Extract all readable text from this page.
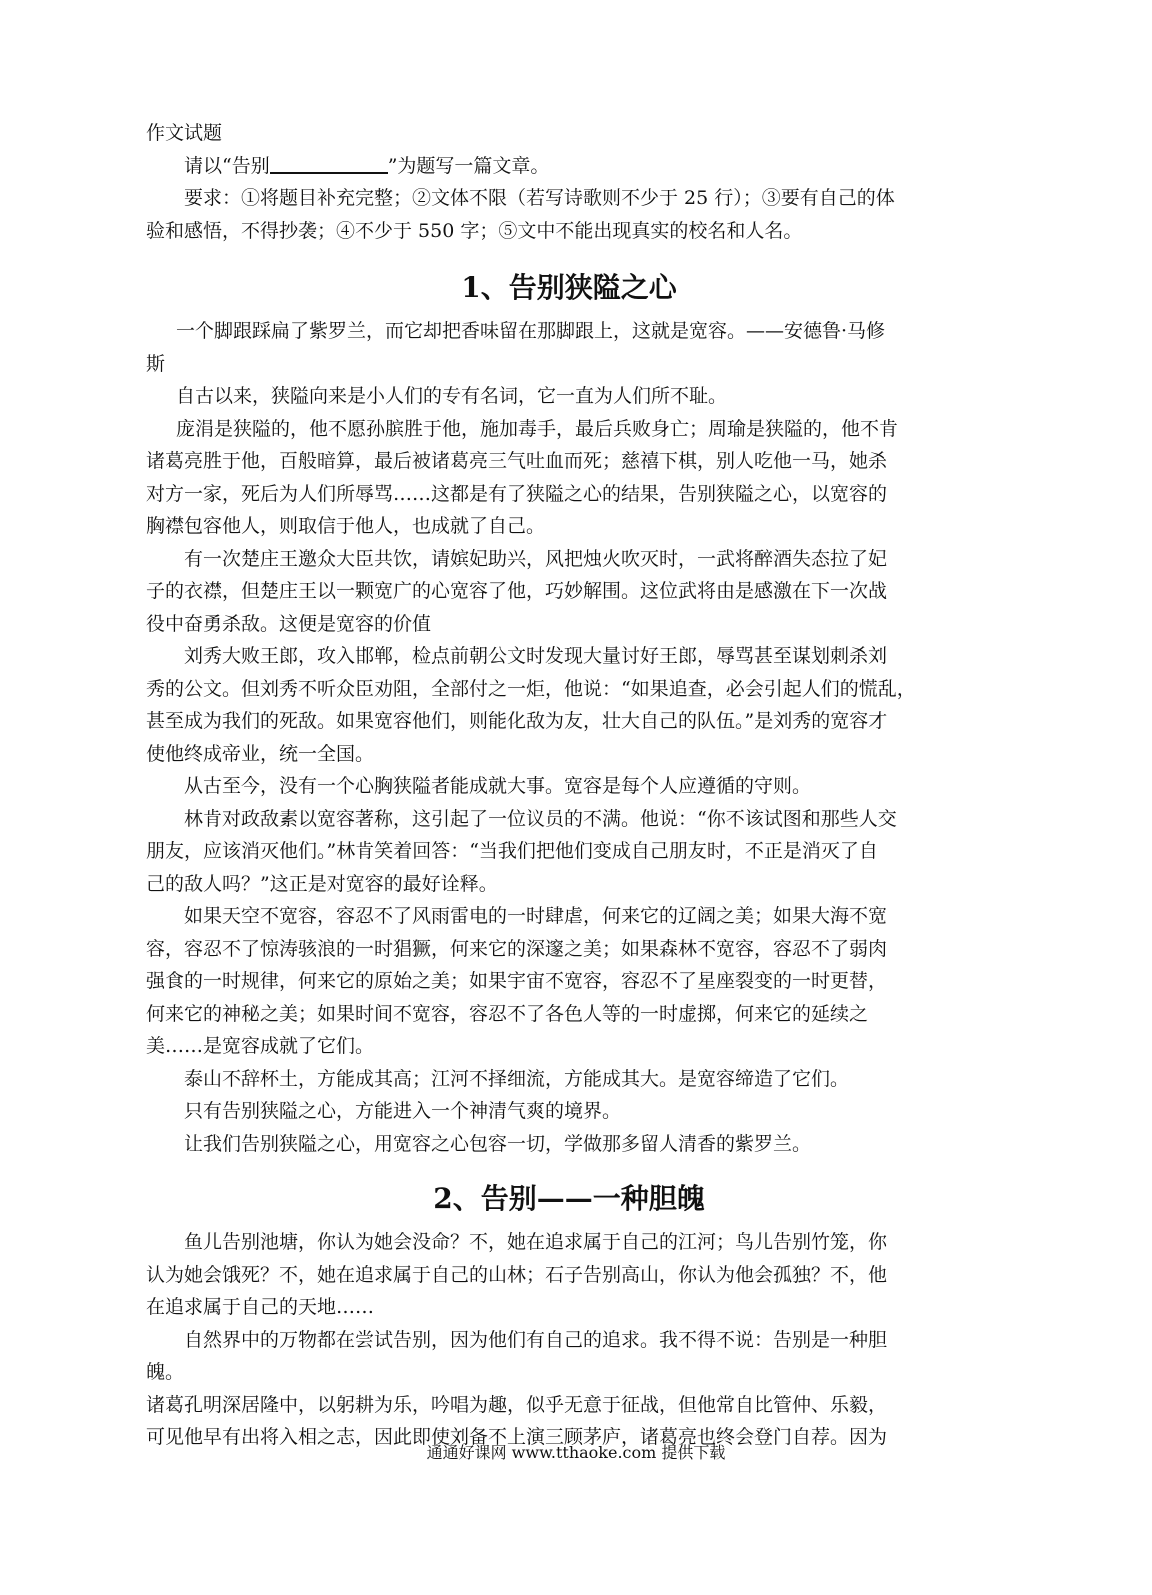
作文试题
请以“告别	”为题写一篇文章。
要求：①将题目补充完整；②文体不限（若写诗歌则不少于 25 行）；③要有自己的体
验和感悟，不得抄袭；④不少于 550 字；⑤文中不能出现真实的校名和人名。
1、告别狭隘之心
一个脚跟踩扁了紫罗兰，而它却把香味留在那脚跟上，这就是宽容。——安德鲁·马修
斯
自古以来，狭隘向来是小人们的专有名词，它一直为人们所不耻。
庞涓是狭隘的，他不愿孙膑胜于他，施加毒手，最后兵败身亡；周瑜是狭隘的，他不肯
诸葛亮胜于他，百般暗算，最后被诸葛亮三气吐血而死；慈禧下棋，别人吃他一马，她杀
对方一家，死后为人们所辱骂……这都是有了狭隘之心的结果，告别狭隘之心，以宽容的
胸襟包容他人，则取信于他人，也成就了自己。
有一次楚庄王邀众大臣共饮，请嫔妃助兴，风把烛火吹灭时，一武将醉酒失态拉了妃
子的衣襟，但楚庄王以一颗宽广的心宽容了他，巧妙解围。这位武将由是感激在下一次战
役中奋勇杀敌。这便是宽容的价值
刘秀大败王郎，攻入邯郸，检点前朝公文时发现大量讨好王郎，辱骂甚至谋划刺杀刘
秀的公文。但刘秀不听众臣劝阻，全部付之一炬，他说：“如果追查，必会引起人们的慌乱，
甚至成为我们的死敌。如果宽容他们，则能化敌为友，壮大自己的队伍。”是刘秀的宽容才
使他终成帝业，统一全国。
从古至今，没有一个心胸狭隘者能成就大事。宽容是每个人应遵循的守则。
林肯对政敌素以宽容著称，这引起了一位议员的不满。他说：“你不该试图和那些人交
朋友，应该消灭他们。”林肯笑着回答：“当我们把他们变成自己朋友时，不正是消灭了自
己的敌人吗？”这正是对宽容的最好诠释。
如果天空不宽容，容忍不了风雨雷电的一时肆虐，何来它的辽阔之美；如果大海不宽
容，容忍不了惊涛骇浪的一时猖獗，何来它的深邃之美；如果森林不宽容，容忍不了弱肉
强食的一时规律，何来它的原始之美；如果宇宙不宽容，容忍不了星座裂变的一时更替，
何来它的神秘之美；如果时间不宽容，容忍不了各色人等的一时虚掷，何来它的延续之
美……是宽容成就了它们。
泰山不辞杯土，方能成其高；江河不择细流，方能成其大。是宽容缔造了它们。
只有告别狭隘之心，方能进入一个神清气爽的境界。
让我们告别狭隘之心，用宽容之心包容一切，学做那多留人清香的紫罗兰。
2、告别——一种胆魄
鱼儿告别池塘，你认为她会没命？不，她在追求属于自己的江河；鸟儿告别竹笼，你
认为她会饿死？不，她在追求属于自己的山林；石子告别高山，你认为他会孤独？不，他
在追求属于自己的天地……
自然界中的万物都在尝试告别，因为他们有自己的追求。我不得不说：告别是一种胆
魄。
诸葛孔明深居隆中，以躬耕为乐，吟唱为趣，似乎无意于征战，但他常自比管仲、乐毅，
可见他早有出将入相之志，因此即使刘备不上演三顾茅庐，诸葛亮也终会登门自荐。因为
通通好课网 www.tthaoke.com 提供下载
